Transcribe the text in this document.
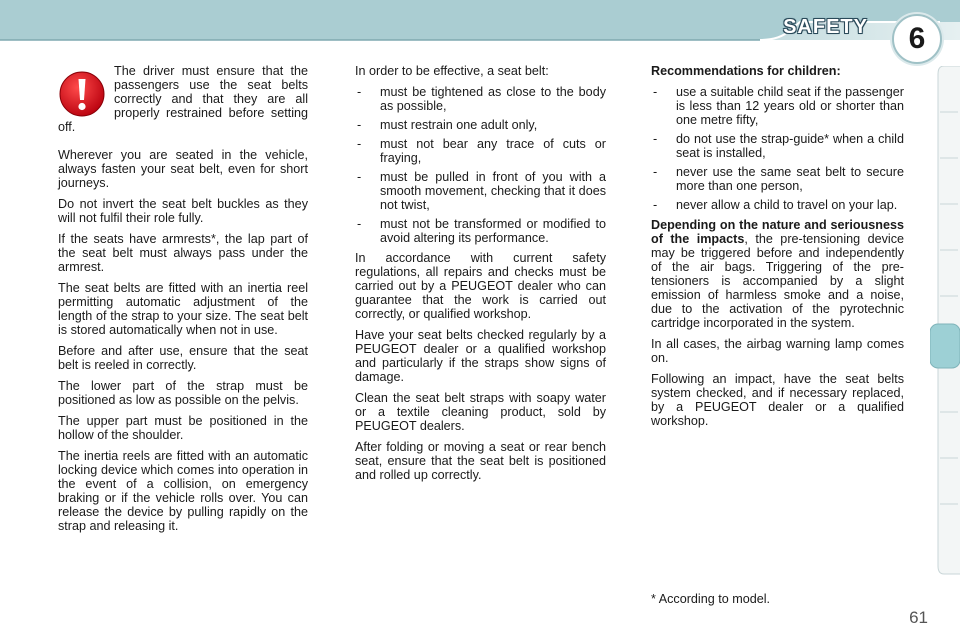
SAFETY	6

The driver must ensure that the passengers use the seat belts correctly and that they are all properly restrained before setting off.

Wherever you are seated in the vehicle, always fasten your seat belt, even for short journeys.

Do not invert the seat belt buckles as they will not fulfil their role fully.

If the seats have armrests*, the lap part of the seat belt must always pass under the armrest.

The seat belts are fitted with an inertia reel permitting automatic adjustment of the length of the strap to your size. The seat belt is stored automatically when not in use.

Before and after use, ensure that the seat belt is reeled in correctly.

The lower part of the strap must be positioned as low as possible on the pelvis.

The upper part must be positioned in the hollow of the shoulder.

The inertia reels are fitted with an automatic locking device which comes into operation in the event of a collision, on emergency braking or if the vehicle rolls over. You can release the device by pulling rapidly on the strap and releasing it.

In order to be effective, a seat belt:

- must be tightened as close to the body as possible,
- must restrain one adult only,
- must not bear any trace of cuts or fraying,
- must be pulled in front of you with a smooth movement, checking that it does not twist,
- must not be transformed or modified to avoid altering its performance.

In accordance with current safety regulations, all repairs and checks must be carried out by a PEUGEOT dealer who can guarantee that the work is carried out correctly, or qualified workshop.

Have your seat belts checked regularly by a PEUGEOT dealer or a qualified workshop and particularly if the straps show signs of damage.

Clean the seat belt straps with soapy water or a textile cleaning product, sold by PEUGEOT dealers.

After folding or moving a seat or rear bench seat, ensure that the seat belt is positioned and rolled up correctly.

Recommendations for children:

- use a suitable child seat if the passenger is less than 12 years old or shorter than one metre fifty,
- do not use the strap-guide* when a child seat is installed,
- never use the same seat belt to secure more than one person,
- never allow a child to travel on your lap.

Depending on the nature and seriousness of the impacts, the pre-tensioning device may be triggered before and independently of the air bags. Triggering of the pre-tensioners is accompanied by a slight emission of harmless smoke and a noise, due to the activation of the pyrotechnic cartridge incorporated in the system.

In all cases, the airbag warning lamp comes on.

Following an impact, have the seat belts system checked, and if necessary replaced, by a PEUGEOT dealer or a qualified workshop.

* According to model.
61
